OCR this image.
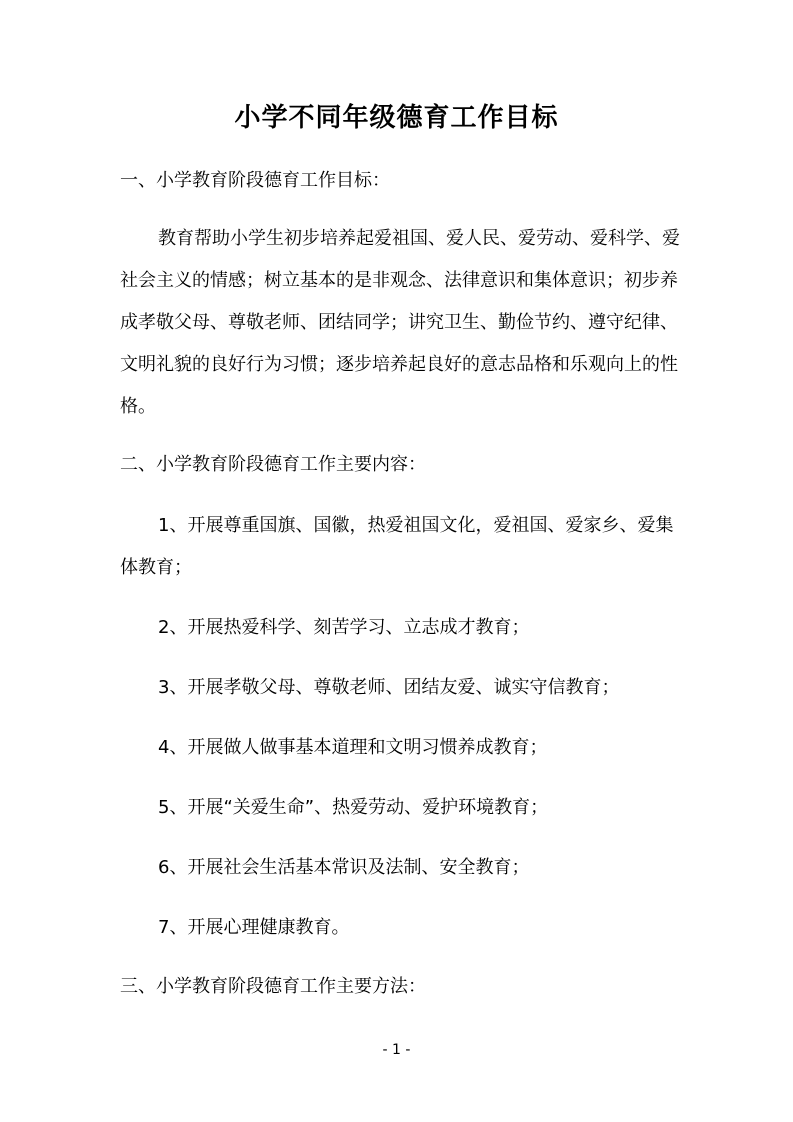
小学不同年级德育工作目标

一、小学教育阶段德育工作目标：

教育帮助小学生初步培养起爱祖国、爱人民、爱劳动、爱科学、爱社会主义的情感；树立基本的是非观念、法律意识和集体意识；初步养成孝敬父母、尊敬老师、团结同学；讲究卫生、勤俭节约、遵守纪律、文明礼貌的良好行为习惯；逐步培养起良好的意志品格和乐观向上的性格。

二、小学教育阶段德育工作主要内容：

1、开展尊重国旗、国徽，热爱祖国文化，爱祖国、爱家乡、爱集体教育；

2、开展热爱科学、刻苦学习、立志成才教育；

3、开展孝敬父母、尊敬老师、团结友爱、诚实守信教育；

4、开展做人做事基本道理和文明习惯养成教育；

5、开展“关爱生命”、热爱劳动、爱护环境教育；

6、开展社会生活基本常识及法制、安全教育；

7、开展心理健康教育。

三、小学教育阶段德育工作主要方法：

- 1 -
